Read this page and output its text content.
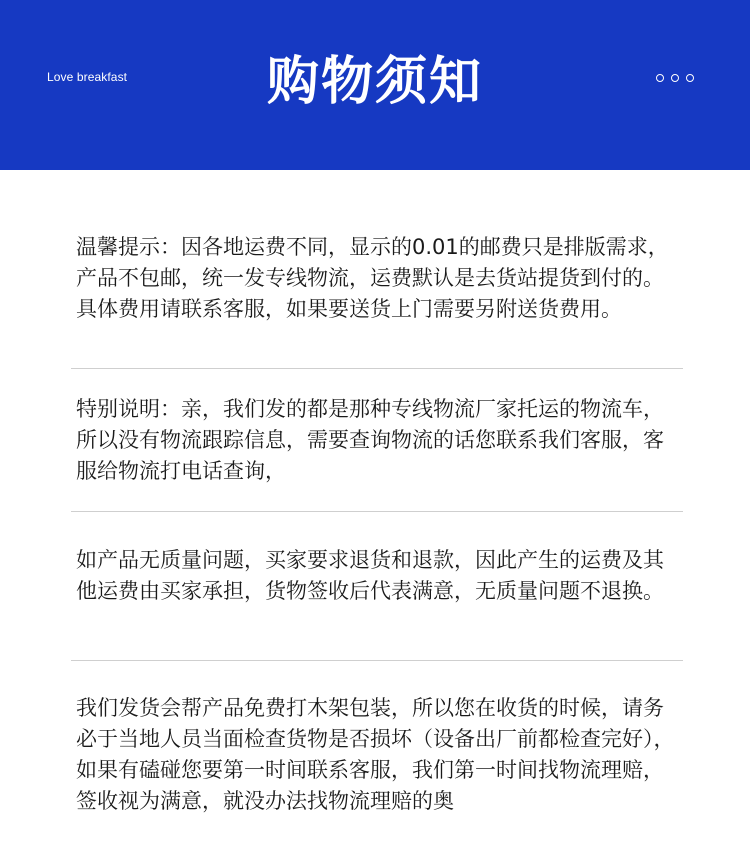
Love breakfast	购物须知
温馨提示：因各地运费不同，显示的0.01的邮费只是排版需求，产品不包邮，统一发专线物流，运费默认是去货站提货到付的。具体费用请联系客服，如果要送货上门需要另附送货费用。
特别说明：亲，我们发的都是那种专线物流厂家托运的物流车，所以没有物流跟踪信息，需要查询物流的话您联系我们客服，客服给物流打电话查询，
如产品无质量问题，买家要求退货和退款，因此产生的运费及其他运费由买家承担，货物签收后代表满意，无质量问题不退换。
我们发货会帮产品免费打木架包装，所以您在收货的时候，请务必于当地人员当面检查货物是否损坏（设备出厂前都检查完好），如果有磕碰您要第一时间联系客服，我们第一时间找物流理赔，签收视为满意，就没办法找物流理赔的奥
